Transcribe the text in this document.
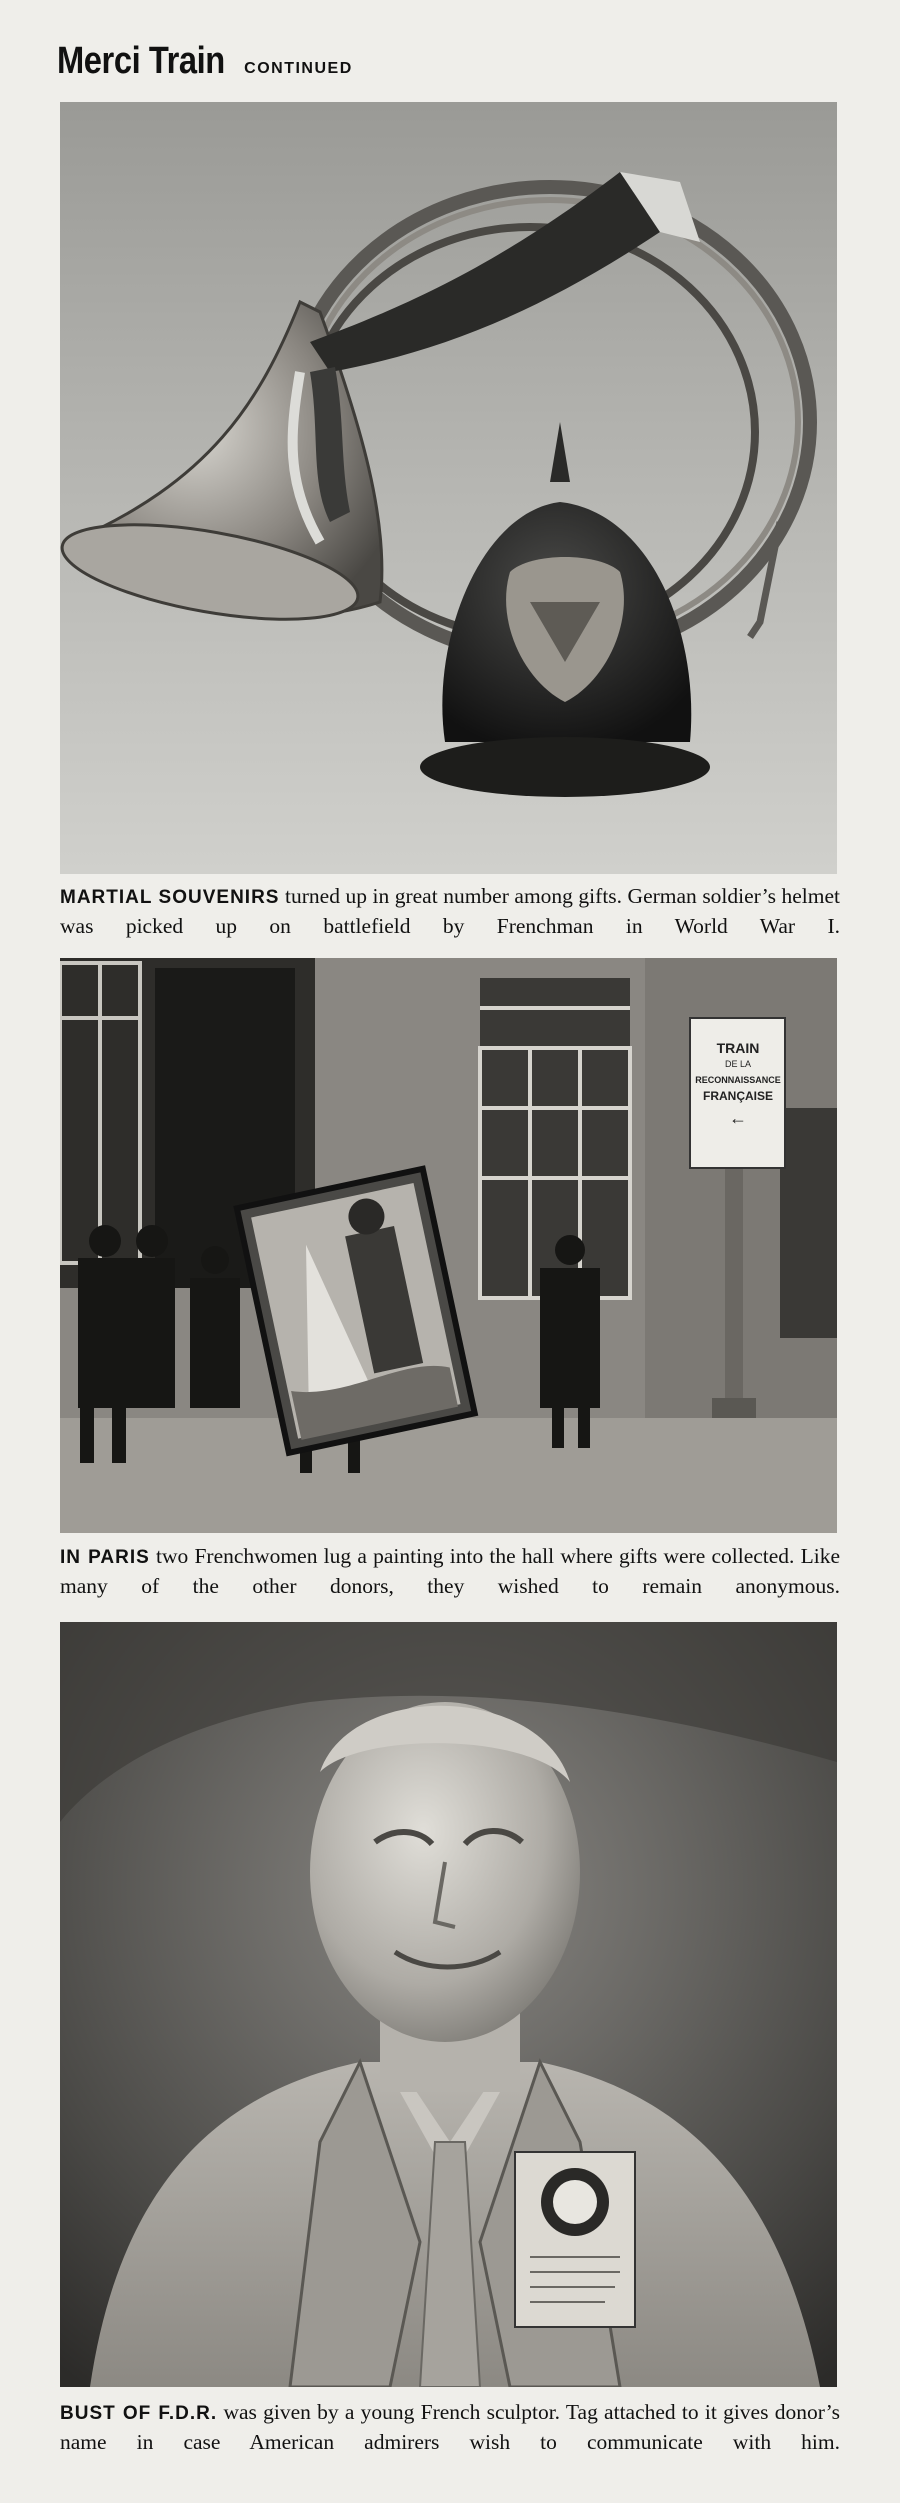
Merci Train CONTINUED
MARTIAL SOUVENIRS turned up in great number among gifts. German soldier’s helmet was picked up on battlefield by Frenchman in World War I.
TRAIN
DE LA
RECONNAISSANCE
FRANÇAISE
←
IN PARIS two Frenchwomen lug a painting into the hall where gifts were collected. Like many of the other donors, they wished to remain anonymous.
BUST OF F.D.R. was given by a young French sculptor. Tag attached to it gives donor’s name in case American admirers wish to communicate with him.
